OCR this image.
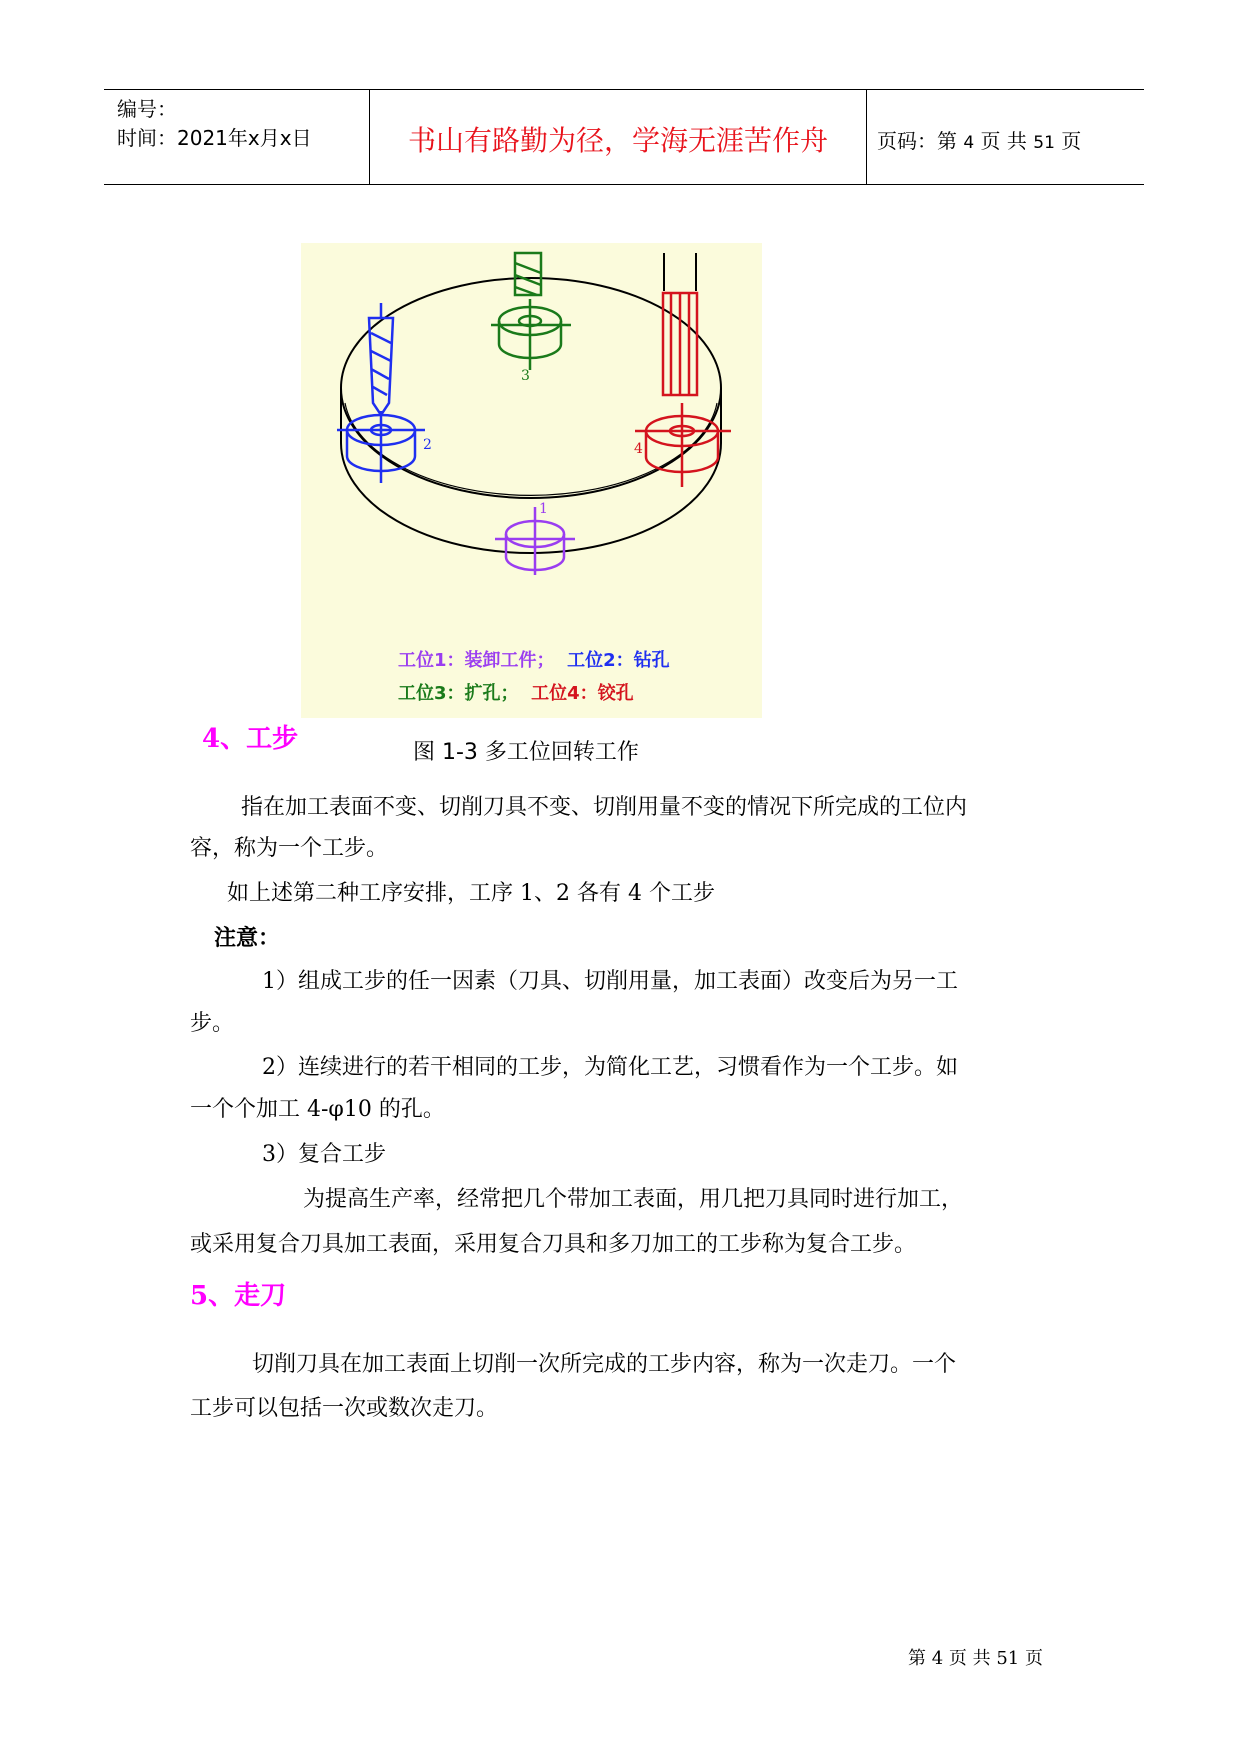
编号：
时间：2021年x月x日	书山有路勤为径，学海无涯苦作舟	页码：第 4 页 共 51 页
1
2
3
4
工位1：装卸工件； 工位2：钻孔
工位3：扩孔； 工位4：铰孔
4、工步	图 1-3 多工位回转工作
指在加工表面不变、切削刀具不变、切削用量不变的情况下所完成的工位内
容，称为一个工步。
如上述第二种工序安排，工序 1、2 各有 4 个工步
注意：
1）组成工步的任一因素（刀具、切削用量，加工表面）改变后为另一工
步。
2）连续进行的若干相同的工步，为简化工艺，习惯看作为一个工步。如
一个个加工 4-φ10 的孔。
3）复合工步
为提高生产率，经常把几个带加工表面，用几把刀具同时进行加工，
或采用复合刀具加工表面，采用复合刀具和多刀加工的工步称为复合工步。
5、走刀
切削刀具在加工表面上切削一次所完成的工步内容，称为一次走刀。一个
工步可以包括一次或数次走刀。
第 4 页 共 51 页
